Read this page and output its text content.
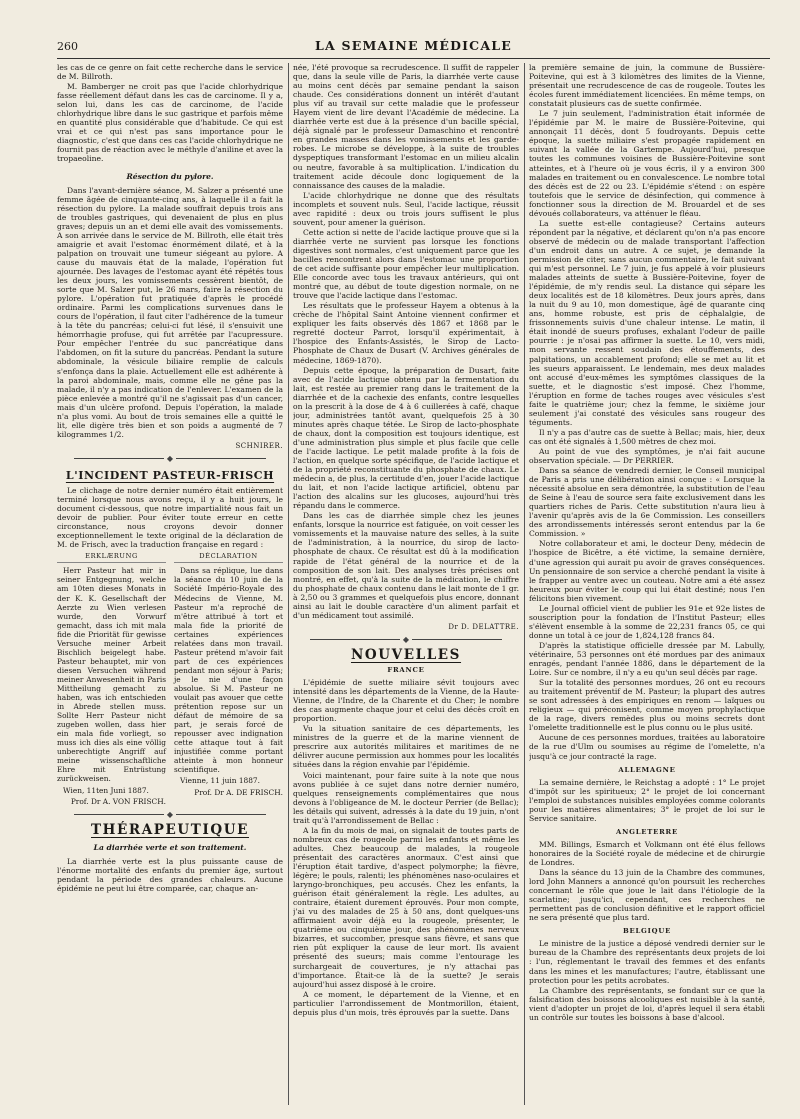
260	LA SEMAINE MÉDICALE

les cas de ce genre on fait cette recherche dans le service de M. Billroth.

M. Bamberger ne croit pas que l'acide chlorhydrique fasse réellement défaut dans les cas de carcinome. Il y a, selon lui, dans les cas de carcinome, de l'acide chlorhydrique libre dans le suc gastrique et parfois même en quantité plus considérable que d'habitude. Ce qui est vrai et ce qui n'est pas sans importance pour le diagnostic, c'est que dans ces cas l'acide chlorhydrique ne fournit pas de réaction avec le méthyle d'aniline et avec la tropaeoline.

Résection du pylore.

Dans l'avant-dernière séance, M. Salzer a présenté une femme âgée de cinquante-cinq ans, à laquelle il a fait la résection du pylore. La malade souffrait depuis trois ans de troubles gastriques, qui devenaient de plus en plus graves; depuis un an et demi elle avait des vomissements. A son arrivée dans le service de M. Billroth, elle était très amaigrie et avait l'estomac énormément dilaté, et à la palpation on trouvait une tumeur siégeant au pylore. A cause du mauvais état de la malade, l'opération fut ajournée. Des lavages de l'estomac ayant été répétés tous les deux jours, les vomissements cessèrent bientôt, de sorte que M. Salzer put, le 26 mars, faire la résection du pylore. L'opération fut pratiquée d'après le procédé ordinaire. Parmi les complications survenues dans le cours de l'opération, il faut citer l'adhérence de la tumeur à la tête du pancréas; celui-ci fut lésé, il s'ensuivit une hémorrhagie profuse, qui fut arrêtée par l'acupressure. Pour empêcher l'entrée du suc pancréatique dans l'abdomen, on fit la suture du pancréas. Pendant la suture abdominale, la vésicule biliaire remplie de calculs s'enfonça dans la plaie. Actuellement elle est adhérente à la paroi abdominale, mais, comme elle ne gêne pas la malade, il n'y a pas indication de l'enlever. L'examen de la pièce enlevée a montré qu'il ne s'agissait pas d'un cancer, mais d'un ulcère profond. Depuis l'opération, la malade n'a plus vomi. Au bout de trois semaines elle a quitté le lit, elle digère très bien et son poids a augmenté de 7 kilogrammes 1/2.

SCHNIRER.
◆
L'INCIDENT PASTEUR-FRISCH

Le clichage de notre dernier numéro était entièrement terminé lorsque nous avons reçu, il y a huit jours, le document ci-dessous, que notre impartialité nous fait un devoir de publier. Pour éviter toute erreur en cette circonstance, nous croyons devoir donner exceptionnellement le texte original de la déclaration de M. de Frisch, avec la traduction française en regard :

ERKLÆRUNG

Herr Pasteur hat mir in seiner Entgegnung, welche am 10ten dieses Monats in der K. K. Gesellschaft der Aerzte zu Wien verlesen wurde, den Vorwurf gemacht, dass ich mit mala fide die Priorität für gewisse Versuche meiner Arbeit Bischlich beigelegt habe. Pasteur behauptet, mir von diesen Versuchen während meiner Anwesenheit in Paris Mittheilung gemacht zu haben, was ich entschieden in Abrede stellen muss. Sollte Herr Pasteur nicht zugeben wollen, dass hier ein mala fide vorliegt, so muss ich dies als eine völlig unberechtigte Angriff auf meine wissenschaftliche Ehre mit Entrüstung zurückweisen.

Wien, 11ten Juni 1887.

Prof. Dr A. VON FRISCH.

DÉCLARATION

Dans sa réplique, lue dans la séance du 10 juin de la Société Império-Royale des Médecins de Vienne, M. Pasteur m'a reproché de m'être attribué à tort et mala fide la priorité de certaines expériences relatées dans mon travail. Pasteur prétend m'avoir fait part de ces expériences pendant mon séjour à Paris; je le nie d'une façon absolue. Si M. Pasteur ne voulait pas avouer que cette prétention repose sur un défaut de mémoire de sa part, je serais forcé de repousser avec indignation cette attaque tout à fait injustifiée comme portant atteinte à mon honneur scientifique.

Vienne, 11 juin 1887.

Prof. Dr A. DE FRISCH.

◆
THÉRAPEUTIQUE
La diarrhée verte et son traitement.

La diarrhée verte est la plus puissante cause de l'énorme mortalité des enfants du premier âge, surtout pendant la période des grandes chaleurs. Aucune épidémie ne peut lui être comparée, car, chaque an-

née, l'été provoque sa recrudescence. Il suffit de rappeler que, dans la seule ville de Paris, la diarrhée verte cause au moins cent décès par semaine pendant la saison chaude. Ces considérations donnent un intérêt d'autant plus vif au travail sur cette maladie que le professeur Hayem vient de lire devant l'Académie de médecine. La diarrhée verte est due à la présence d'un bacille spécial, déjà signalé par le professeur Damaschino et rencontré en grandes masses dans les vomissements et les garde-robes. Le microbe se développe, à la suite de troubles dyspeptiques transformant l'estomac en un milieu alcalin ou neutre, favorable à sa multiplication. L'indication du traitement acide découle donc logiquement de la connaissance des causes de la maladie.

L'acide chlorhydrique ne donne que des résultats incomplets et souvent nuls. Seul, l'acide lactique, réussit avec rapidité : deux ou trois jours suffisent le plus souvent, pour amener la guérison.

Cette action si nette de l'acide lactique prouve que si la diarrhée verte ne survient pas lorsque les fonctions digestives sont normales, c'est uniquement parce que les bacilles rencontrent alors dans l'estomac une proportion de cet acide suffisante pour empêcher leur multiplication. Elle concorde avec tous les travaux antérieurs, qui ont montré que, au début de toute digestion normale, on ne trouve que l'acide lactique dans l'estomac.

Les résultats que le professeur Hayem a obtenus à la crèche de l'hôpital Saint Antoine viennent confirmer et expliquer les faits observés dès 1867 et 1868 par le regretté docteur Parrot, lorsqu'il expérimentait, à l'hospice des Enfants-Assistés, le Sirop de Lacto-Phosphate de Chaux de Dusart (V. Archives générales de médecine, 1869-1870).

Depuis cette époque, la préparation de Dusart, faite avec de l'acide lactique obtenu par la fermentation du lait, est restée au premier rang dans le traitement de la diarrhée et de la cachexie des enfants, contre lesquelles on la prescrit à la dose de 4 à 6 cuillerées à café, chaque jour, administrées tantôt avant, quelquefois 25 à 30 minutes après chaque tétée. Le Sirop de lacto-phosphate de chaux, dont la composition est toujours identique, est d'une administration plus simple et plus facile que celle de l'acide lactique. Le petit malade profite à la fois de l'action, en quelque sorte spécifique, de l'acide lactique et de la propriété reconstituante du phosphate de chaux. Le médecin a, de plus, la certitude d'en, jouer l'acide lactique du lait, et non l'acide lactique artificiel, obtenu par l'action des alcalins sur les glucoses, aujourd'hui très répandu dans le commerce.

Dans les cas de diarrhée simple chez les jeunes enfants, lorsque la nourrice est fatiguée, on voit cesser les vomissements et la mauvaise nature des selles, à la suite de l'administration, à la nourrice, du sirop de lacto-phosphate de chaux. Ce résultat est dû à la modification rapide de l'état général de la nourrice et de la composition de son lait. Des analyses très précises ont montré, en effet, qu'à la suite de la médication, le chiffre du phosphate de chaux contenu dans le lait monte de 1 gr. à 2,50 ou 3 grammes et quelquefois plus encore, donnant ainsi au lait le double caractère d'un aliment parfait et d'un médicament tout assimilé.

Dr D. DELATTRE.
◆
NOUVELLES
FRANCE

L'épidémie de suette miliaire sévit toujours avec intensité dans les départements de la Vienne, de la Haute-Vienne, de l'Indre, de la Charente et du Cher; le nombre des cas augmente chaque jour et celui des décès croît en proportion.

Vu la situation sanitaire de ces départements, les ministres de la guerre et de la marine viennent de prescrire aux autorités militaires et maritimes de ne délivrer aucune permission aux hommes pour les localités situées dans la région envahie par l'épidémie.

Voici maintenant, pour faire suite à la note que nous avons publiée à ce sujet dans notre dernier numéro, quelques renseignements complémentaires que nous devons à l'obligeance de M. le docteur Perrier (de Bellac); les détails qui suivent, adressés à la date du 19 juin, n'ont trait qu'à l'arrondissement de Bellac :

A la fin du mois de mai, on signalait de toutes parts de nombreux cas de rougeole parmi les enfants et même les adultes. Chez beaucoup de malades, la rougeole présentait des caractères anormaux. C'est ainsi que l'éruption était tardive, d'aspect polymorphe; la fièvre, légère; le pouls, ralenti; les phénomènes naso-oculaires et laryngo-bronchiques, peu accusés. Chez les enfants, la guérison était généralement la règle. Les adultes, au contraire, étaient durement éprouvés. Pour mon compte, j'ai vu des malades de 25 à 50 ans, dont quelques-uns affirmaient avoir déjà eu la rougeole, présenter, le quatrième ou cinquième jour, des phénomènes nerveux bizarres, et succomber, presque sans fièvre, et sans que rien pût expliquer la cause de leur mort. Ils avaient présenté des sueurs; mais comme l'entourage les surchargeait de couvertures, je n'y attachai pas d'importance. Était-ce là de la suette? Je serais aujourd'hui assez disposé à le croire.

A ce moment, le département de la Vienne, et en particulier l'arrondissement de Montmorillon, étaient, depuis plus d'un mois, très éprouvés par la suette. Dans

la première semaine de juin, la commune de Bussière-Poitevine, qui est à 3 kilomètres des limites de la Vienne, présentait une recrudescence de cas de rougeole. Toutes les écoles furent immédiatement licenciées. En même temps, on constatait plusieurs cas de suette confirmée.

Le 7 juin seulement, l'administration était informée de l'épidémie par M. le maire de Bussière-Poitevine, qui annonçait 11 décès, dont 5 foudroyants. Depuis cette époque, la suette miliaire s'est propagée rapidement en suivant la vallée de la Gartempe. Aujourd'hui, presque toutes les communes voisines de Bussière-Poitevine sont atteintes, et à l'heure où je vous écris, il y a environ 300 malades en traitement ou en convalescence. Le nombre total des décès est de 22 ou 23. L'épidémie s'étend : on espère toutefois que le service de désinfection, qui commence à fonctionner sous la direction de M. Brouardel et de ses dévoués collaborateurs, va atténuer le fléau.

La suette est-elle contagieuse? Certains auteurs répondent par la négative, et déclarent qu'on n'a pas encore observé de médecin ou de malade transportant l'affection d'un endroit dans un autre. A ce sujet, je demande la permission de citer, sans aucun commentaire, le fait suivant qui m'est personnel. Le 7 juin, je fus appelé à voir plusieurs malades atteints de suette à Bussière-Poitevine, foyer de l'épidémie, de m'y rendis seul. La distance qui sépare les deux localités est de 18 kilomètres. Deux jours après, dans la nuit du 9 au 10, mon domestique, âgé de quarante cinq ans, homme robuste, est pris de céphalalgie, de frissonnements suivis d'une chaleur intense. Le matin, il était inondé de sueurs profuses, exhalant l'odeur de paille pourrie : je n'osai pas affirmer la suette. Le 10, vers midi, mon servante ressent soudain des étouffements, des palpitations, un accablement profond; elle se met au lit et les sueurs apparaissent. Le lendemain, mes deux malades ont accusé d'eux-mêmes les symptômes classiques de la suette, et le diagnostic s'est imposé. Chez l'homme, l'éruption en forme de taches rouges avec vésicules s'est faite le quatrième jour; chez la femme, le sixième jour seulement j'ai constaté des vésicules sans rougeur des téguments.

Il n'y a pas d'autre cas de suette à Bellac; mais, hier, deux cas ont été signalés à 1,500 mètres de chez moi.

Au point de vue des symptômes, je n'ai fait aucune observation spéciale. — Dr PERRIER.

Dans sa séance de vendredi dernier, le Conseil municipal de Paris a pris une délibération ainsi conçue : « Lorsque la nécessité absolue en sera démontrée, la substitution de l'eau de Seine à l'eau de source sera faite exclusivement dans les quartiers riches de Paris. Cette substitution n'aura lieu à l'avenir qu'après avis de la 6e Commission. Les conseillers des arrondissements intéressés seront entendus par la 6e Commission. »

Notre collaborateur et ami, le docteur Deny, médecin de l'hospice de Bicêtre, a été victime, la semaine dernière, d'une agression qui aurait pu avoir de graves conséquences. Un pensionnaire de son service a cherché pendant la visite à le frapper au ventre avec un couteau. Notre ami a été assez heureux pour éviter le coup qui lui était destiné; nous l'en félicitons bien vivement.

Le Journal officiel vient de publier les 91e et 92e listes de souscription pour la fondation de l'Institut Pasteur; elles s'élèvent ensemble à la somme de 22,231 francs 05, ce qui donne un total à ce jour de 1,824,128 francs 84.

D'après la statistique officielle dressée par M. Labully, vétérinaire, 53 personnes ont été mordues par des animaux enragés, pendant l'année 1886, dans le département de la Loire. Sur ce nombre, il n'y a eu qu'un seul décès par rage.

Sur la totalité des personnes mordues, 26 ont eu recours au traitement préventif de M. Pasteur; la plupart des autres se sont adressées à des empiriques en renom — laïques ou religieux — qui préconisent, comme moyen prophylactique de la rage, divers remèdes plus ou moins secrets dont l'omelette traditionnelle est le plus connu ou le plus usité.

Aucune de ces personnes mordues, traitées au laboratoire de la rue d'Ulm ou soumises au régime de l'omelette, n'a jusqu'à ce jour contracté la rage.

ALLEMAGNE

La semaine dernière, le Reichstag a adopté : 1° Le projet d'impôt sur les spiritueux; 2° le projet de loi concernant l'emploi de substances nuisibles employées comme colorants pour les matières alimentaires; 3° le projet de loi sur le Service sanitaire.

ANGLETERRE

MM. Billings, Esmarch et Volkmann ont été élus fellows honoraires de la Société royale de médecine et de chirurgie de Londres.

Dans la séance du 13 juin de la Chambre des communes, lord John Manners a annoncé qu'on poursuit les recherches concernant le rôle que joue le lait dans l'étiologie de la scarlatine; jusqu'ici, cependant, ces recherches ne permettent pas de conclusion définitive et le rapport officiel ne sera présenté que plus tard.

BELGIQUE

Le ministre de la justice a déposé vendredi dernier sur le bureau de la Chambre des représentants deux projets de loi : l'un, réglementant le travail des femmes et des enfants dans les mines et les manufactures; l'autre, établissant une protection pour les petits acrobates.

La Chambre des représentants, se fondant sur ce que la falsification des boissons alcooliques est nuisible à la santé, vient d'adopter un projet de loi, d'après lequel il sera établi un contrôle sur toutes les boissons à base d'alcool.
